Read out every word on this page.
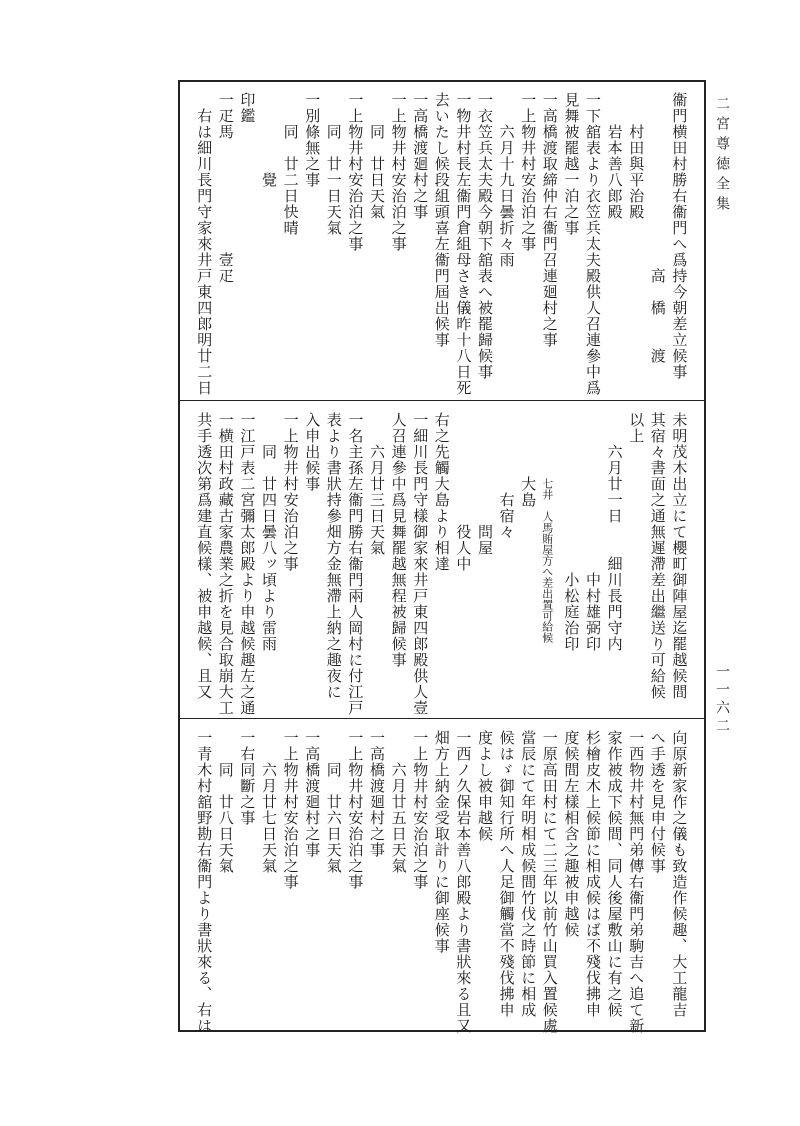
二宮尊徳全集
一一六二
衞門横田村勝右衞門へ爲持今朝差立候事
　　　　　　　　　　　高　橋　　渡
　　村田與平治殿
　　岩本善八郎殿
一下舘表より衣笠兵太夫殿供人召連參中爲
見舞被罷越一泊之事
一高橋渡取締仲右衞門召連廻村之事
一上物井村安治泊之事
　　六月十九日曇折々雨
一衣笠兵太夫殿今朝下舘表へ被罷歸候事
一物井村長左衞門倉組母さき儀昨十八日死
去いたし候段組頭喜左衞門屆出候事
一高橋渡廻村之事
一上物井村安治泊之事
　　同　廿日天氣
一上物井村安治泊之事
　　同　廿一日天氣
一別條無之事
　　同　廿二日快晴
　　　　　覺
印鑑
一疋馬　　　　　　　壹疋
　右は細川長門守家來井戸東四郎明廿二日
未明茂木出立にて櫻町御陣屋迄罷越候間
其宿々書面之通無遲滯差出繼送り可給候
以上
　　六月廿一日　　細川長門守内
　　　　　　　　　　中村雄弼印
　　　　　　　　　　小松庭治印
　　　　　　七井　人馬賄屋方へ差出置可給候
　　　　大島
　　　　　右宿々
　　　　　　　問屋
　　　　　　　役人中
右之先觸大島より相達
一細川長門守樣御家來井戸東四郎殿供人壹
人召連參中爲見舞罷越無程被歸候事
　　六月廿三日天氣
一名主孫左衞門勝右衞門兩人岡村に付江戸
表より書狀持參畑方金無滯上納之趣夜に
入申出候事
一上物井村安治泊之事
　　同　廿四日曇八ッ頃より雷雨
一江戸表二宮彌太郎殿より申越候趣左之通
一横田村政藏古家農業之折を見合取崩大工
共手透次第爲建直候樣、被申越候、且又
向原新家作之儀も致造作候趣、大工龍吉
へ手透を見申付候事
一西物井村無門弟傳右衞門弟駒吉へ追て新
家作被成下候間、同人後屋敷山に有之候
杉檜皮木上候節に相成候はば不殘伐拂申
度候間左樣相含之趣被申越候
一原高田村にて二三年以前竹山買入置候處
當辰にて年明相成候間竹伐之時節に相成
候はゞ御知行所へ人足御觸當不殘伐拂申
度よし被申越候
一西ノ久保岩本善八郎殿より書狀來る且又
畑方上納金受取計りに御座候事
一上物井村安治泊之事
　　六月廿五日天氣
一高橋渡廻村之事
一上物井村安治泊之事
　　同　廿六日天氣
一高橋渡廻村之事
一上物井村安治泊之事
　　六月廿七日天氣
一右同斷之事
　　同　廿八日天氣
一青木村舘野勘右衞門より書狀來る、右は
